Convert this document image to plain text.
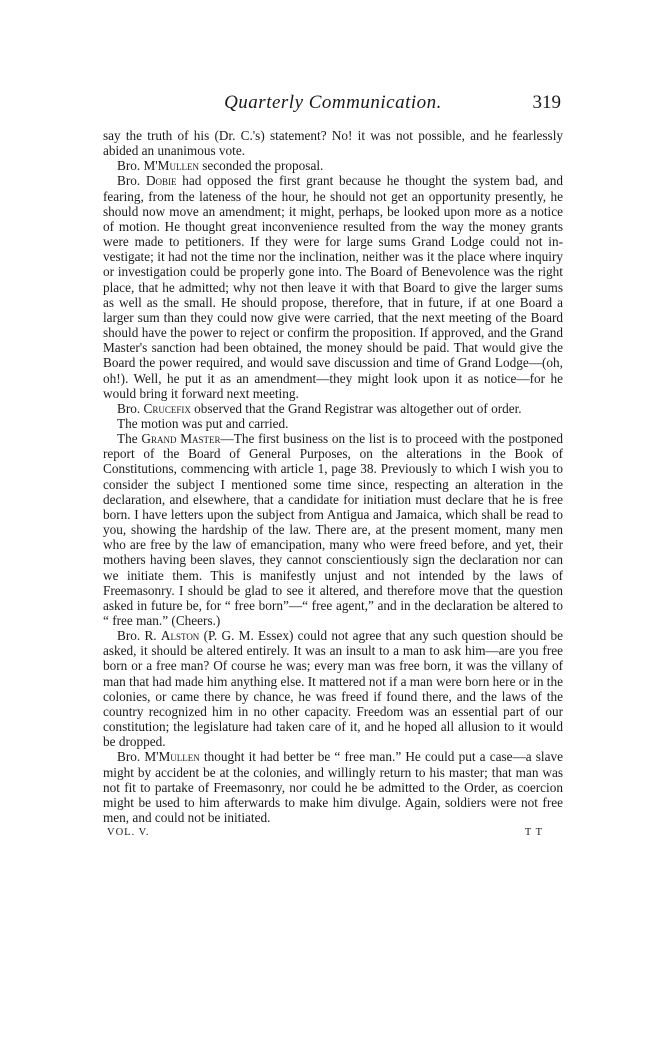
Quarterly Communication.	319

say the truth of his (Dr. C.'s) statement? No! it was not possible, and he fearlessly abided an unanimous vote.

Bro. M'Mullen seconded the proposal.

Bro. Dobie had opposed the first grant because he thought the system bad, and fearing, from the lateness of the hour, he should not get an opportunity presently, he should now move an amendment; it might, perhaps, be looked upon more as a notice of motion. He thought great inconvenience resulted from the way the money grants were made to petitioners. If they were for large sums Grand Lodge could not investigate; it had not the time nor the inclination, neither was it the place where inquiry or investigation could be properly gone into. The Board of Benevolence was the right place, that he admitted; why not then leave it with that Board to give the larger sums as well as the small. He should propose, therefore, that in future, if at one Board a larger sum than they could now give were carried, that the next meeting of the Board should have the power to reject or confirm the proposition. If approved, and the Grand Master's sanction had been obtained, the money should be paid. That would give the Board the power required, and would save discussion and time of Grand Lodge—(oh, oh!). Well, he put it as an amendment—they might look upon it as notice—for he would bring it forward next meeting.

Bro. Crucefix observed that the Grand Registrar was altogether out of order.

The motion was put and carried.

The Grand Master—The first business on the list is to proceed with the postponed report of the Board of General Purposes, on the alterations in the Book of Constitutions, commencing with article 1, page 38. Previously to which I wish you to consider the subject I mentioned some time since, respecting an alteration in the declaration, and elsewhere, that a candidate for initiation must declare that he is free born. I have letters upon the subject from Antigua and Jamaica, which shall be read to you, showing the hardship of the law. There are, at the present moment, many men who are free by the law of emancipation, many who were freed before, and yet, their mothers having been slaves, they cannot conscientiously sign the declaration nor can we initiate them. This is manifestly unjust and not intended by the laws of Freemasonry. I should be glad to see it altered, and therefore move that the question asked in future be, for “ free born”—“ free agent,” and in the declaration be altered to “ free man.” (Cheers.)

Bro. R. Alston (P. G. M. Essex) could not agree that any such question should be asked, it should be altered entirely. It was an insult to a man to ask him—are you free born or a free man? Of course he was; every man was free born, it was the villany of man that had made him anything else. It mattered not if a man were born here or in the colonies, or came there by chance, he was freed if found there, and the laws of the country recognized him in no other capacity. Freedom was an essential part of our constitution; the legislature had taken care of it, and he hoped all allusion to it would be dropped.

Bro. M'Mullen thought it had better be “ free man.” He could put a case—a slave might by accident be at the colonies, and willingly return to his master; that man was not fit to partake of Freemasonry, nor could he be admitted to the Order, as coercion might be used to him afterwards to make him divulge. Again, soldiers were not free men, and could not be initiated.

VOL. V.	T T
